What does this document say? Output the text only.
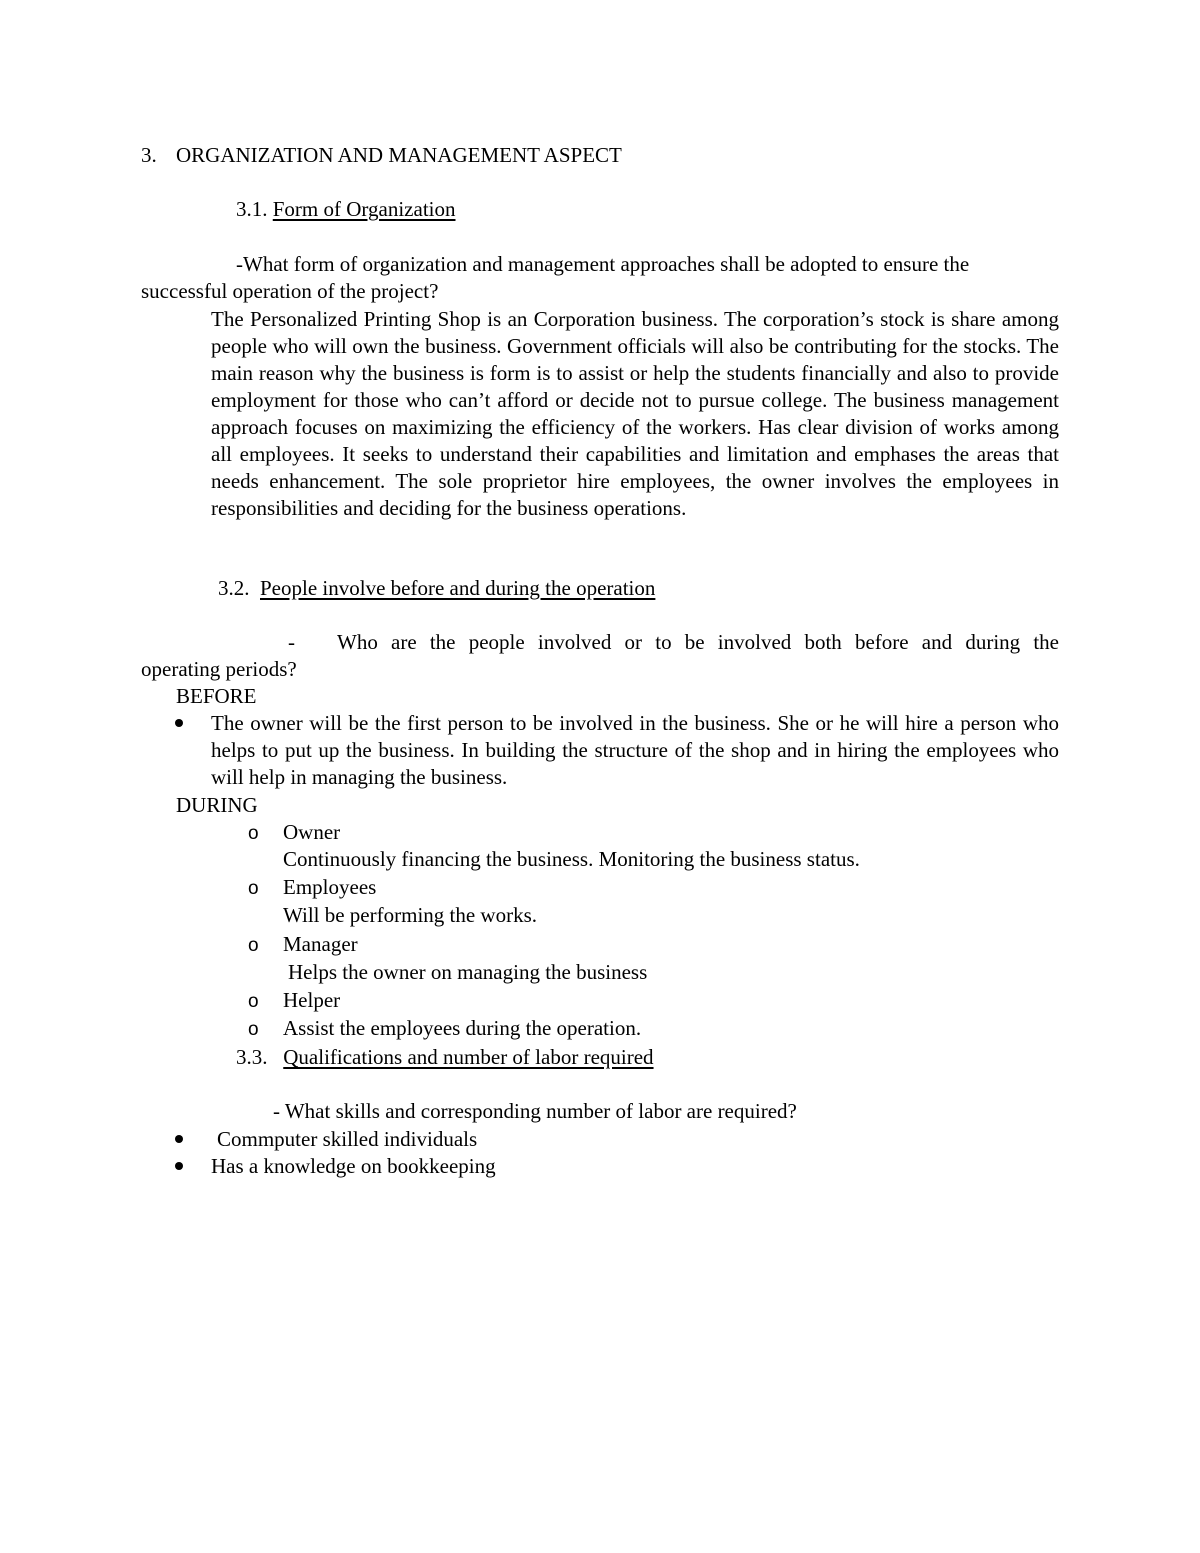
3. ORGANIZATION AND MANAGEMENT ASPECT
3.1. Form of Organization
-What form of organization and management approaches shall be adopted to ensure the
successful operation of the project?
The Personalized Printing Shop is an Corporation business. The corporation’s stock is share among people who will own the business. Government officials will also be contributing for the stocks. The main reason why the business is form is to assist or help the students financially and also to provide employment for those who can’t afford or decide not to pursue college. The business management approach focuses on maximizing the efficiency of the workers. Has clear division of works among all employees. It seeks to understand their capabilities and limitation and emphases the areas that needs enhancement. The sole proprietor hire employees, the owner involves the employees in responsibilities and deciding for the business operations.
3.2. People involve before and during the operation
- Who are the people involved or to be involved both before and during the
operating periods?
BEFORE
The owner will be the first person to be involved in the business. She or he will hire a person who helps to put up the business. In building the structure of the shop and in hiring the employees who will help in managing the business.
DURING
o Owner
Continuously financing the business. Monitoring the business status.
o Employees
Will be performing the works.
o Manager
Helps the owner on managing the business
o Helper
o Assist the employees during the operation.
3.3. Qualifications and number of labor required
- What skills and corresponding number of labor are required?
Commputer skilled individuals
Has a knowledge on bookkeeping
